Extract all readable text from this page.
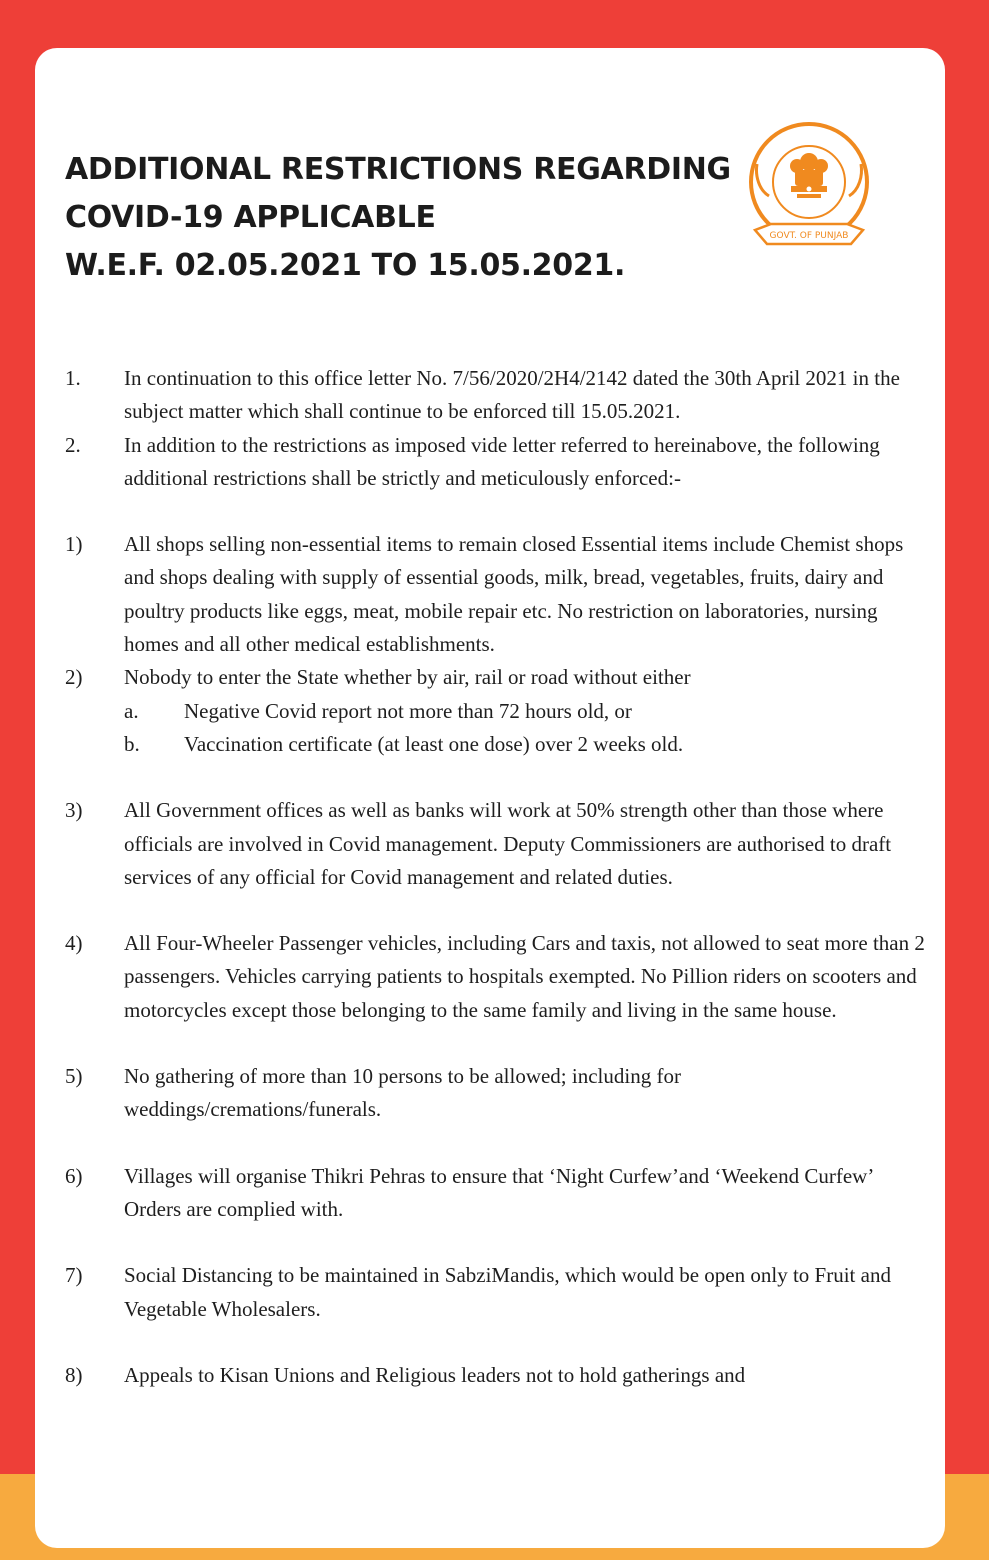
ADDITIONAL RESTRICTIONS REGARDING
COVID-19 APPLICABLE
W.E.F. 02.05.2021 TO 15.05.2021.
GOVT. OF PUNJAB
1. In continuation to this office letter No. 7/56/2020/2H4/2142 dated the 30th April 2021 in the subject matter which shall continue to be enforced till 15.05.2021.
2. In addition to the restrictions as imposed vide letter referred to hereinabove, the following additional restrictions shall be strictly and meticulously enforced:-
1) All shops selling non-essential items to remain closed Essential items include Chemist shops and shops dealing with supply of essential goods, milk, bread, vegetables, fruits, dairy and poultry products like eggs, meat, mobile repair etc. No restriction on laboratories, nursing homes and all other medical establishments.
2) Nobody to enter the State whether by air, rail or road without either
a. Negative Covid report not more than 72 hours old, or
b. Vaccination certificate (at least one dose) over 2 weeks old.
3) All Government offices as well as banks will work at 50% strength other than those where officials are involved in Covid management. Deputy Commissioners are authorised to draft services of any official for Covid management and related duties.
4) All Four-Wheeler Passenger vehicles, including Cars and taxis, not allowed to seat more than 2 passengers. Vehicles carrying patients to hospitals exempted. No Pillion riders on scooters and motorcycles except those belonging to the same family and living in the same house.
5) No gathering of more than 10 persons to be allowed; including for weddings/cremations/funerals.
6) Villages will organise Thikri Pehras to ensure that ‘Night Curfew’and ‘Weekend Curfew’ Orders are complied with.
7) Social Distancing to be maintained in SabziMandis, which would be open only to Fruit and Vegetable Wholesalers.
8) Appeals to Kisan Unions and Religious leaders not to hold gatherings and
